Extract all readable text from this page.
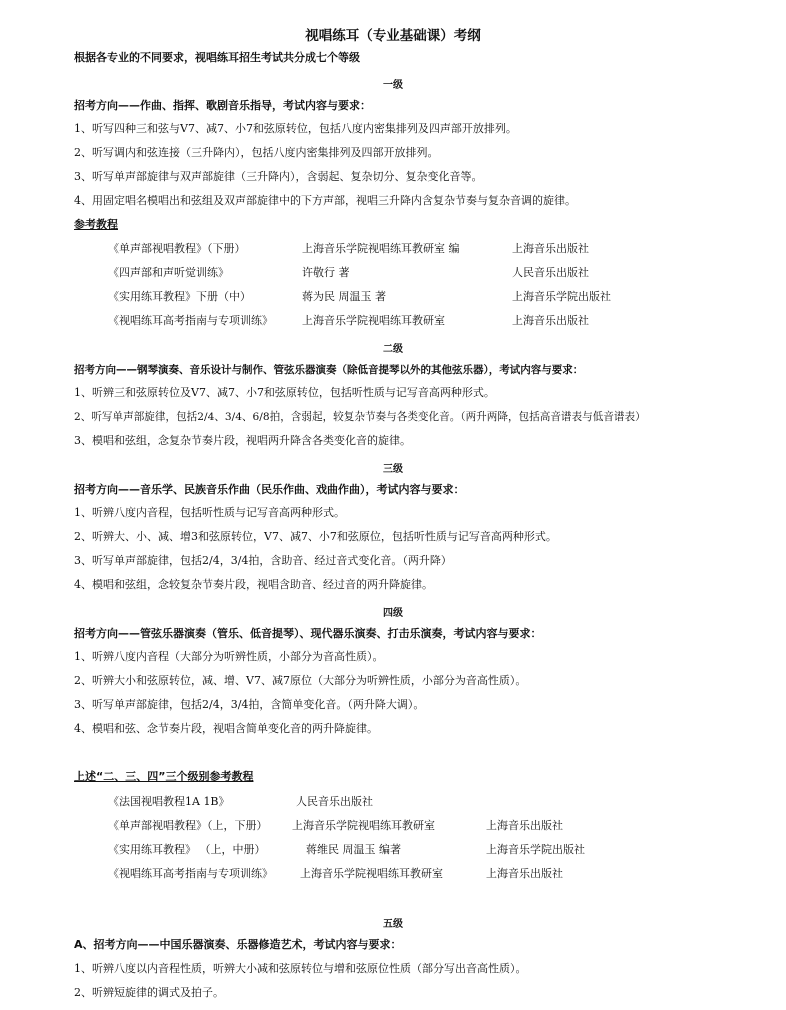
视唱练耳（专业基础课）考纲
根据各专业的不同要求，视唱练耳招生考试共分成七个等级
一级
招考方向——作曲、指挥、歌剧音乐指导，考试内容与要求：
1、听写四种三和弦与V7、减7、小7和弦原转位，包括八度内密集排列及四声部开放排列。
2、听写调内和弦连接（三升降内），包括八度内密集排列及四部开放排列。
3、听写单声部旋律与双声部旋律（三升降内），含弱起、复杂切分、复杂变化音等。
4、用固定唱名模唱出和弦组及双声部旋律中的下方声部，视唱三升降内含复杂节奏与复杂音调的旋律。
参考教程
《单声部视唱教程》（下册）	上海音乐学院视唱练耳教研室 编	上海音乐出版社
《四声部和声听觉训练》	许敬行 著	人民音乐出版社
《实用练耳教程》下册（中）	蒋为民 周温玉 著	上海音乐学院出版社
《视唱练耳高考指南与专项训练》	上海音乐学院视唱练耳教研室	上海音乐出版社
二级
招考方向——钢琴演奏、音乐设计与制作、管弦乐器演奏（除低音提琴以外的其他弦乐器），考试内容与要求：
1、听辨三和弦原转位及V7、减7、小7和弦原转位，包括听性质与记写音高两种形式。
2、听写单声部旋律，包括2/4、3/4、6/8拍，含弱起，较复杂节奏与各类变化音。（两升两降，包括高音谱表与低音谱表）
3、模唱和弦组，念复杂节奏片段，视唱两升降含各类变化音的旋律。
三级
招考方向——音乐学、民族音乐作曲（民乐作曲、戏曲作曲），考试内容与要求：
1、听辨八度内音程，包括听性质与记写音高两种形式。
2、听辨大、小、减、增3和弦原转位，V7、减7、小7和弦原位，包括听性质与记写音高两种形式。
3、听写单声部旋律，包括2/4，3/4拍，含助音、经过音式变化音。（两升降）
4、模唱和弦组，念较复杂节奏片段，视唱含助音、经过音的两升降旋律。
四级
招考方向——管弦乐器演奏（管乐、低音提琴）、现代器乐演奏、打击乐演奏，考试内容与要求：
1、听辨八度内音程（大部分为听辨性质，小部分为音高性质）。
2、听辨大小和弦原转位，减、增、V7、减7原位（大部分为听辨性质，小部分为音高性质）。
3、听写单声部旋律，包括2/4，3/4拍，含简单变化音。（两升降大调）。
4、模唱和弦、念节奏片段，视唱含简单变化音的两升降旋律。
上述“二、三、四”三个级别参考教程
《法国视唱教程1A 1B》	人民音乐出版社
《单声部视唱教程》（上，下册） 上海音乐学院视唱练耳教研室	上海音乐出版社
《实用练耳教程》 （上，中册）	蒋维民 周温玉 编著	上海音乐学院出版社
《视唱练耳高考指南与专项训练》 上海音乐学院视唱练耳教研室	上海音乐出版社
五级
A、招考方向——中国乐器演奏、乐器修造艺术，考试内容与要求：
1、听辨八度以内音程性质，听辨大小减和弦原转位与增和弦原位性质（部分写出音高性质）。
2、听辨短旋律的调式及拍子。
